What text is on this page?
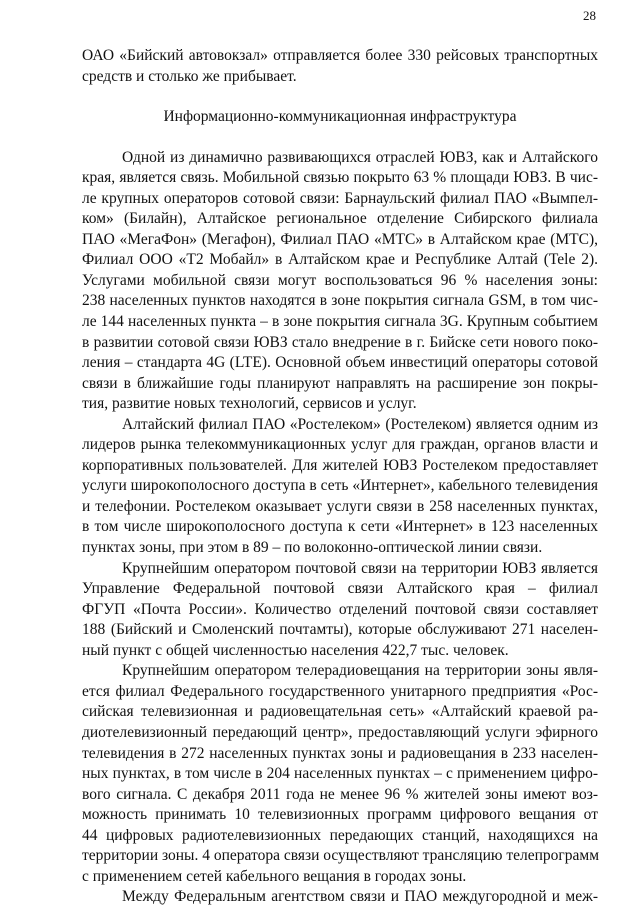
28
ОАО «Бийский автовокзал» отправляется более 330 рейсовых транспортных
средств и столько же прибывает.
Информационно-коммуникационная инфраструктура
Одной из динамично развивающихся отраслей ЮВЗ, как и Алтайского
края, является связь. Мобильной связью покрыто 63 % площади ЮВЗ. В чис-
ле крупных операторов сотовой связи: Барнаульский филиал ПАО «Вымпел-
ком» (Билайн), Алтайское региональное отделение Сибирского филиала
ПАО «МегаФон» (Мегафон), Филиал ПАО «МТС» в Алтайском крае (МТС),
Филиал ООО «Т2 Мобайл» в Алтайском крае и Республике Алтай (Tele 2).
Услугами мобильной связи могут воспользоваться 96 % населения зоны:
238 населенных пунктов находятся в зоне покрытия сигнала GSM, в том чис-
ле 144 населенных пункта – в зоне покрытия сигнала 3G. Крупным событием
в развитии сотовой связи ЮВЗ стало внедрение в г. Бийске сети нового поко-
ления – стандарта 4G (LTE). Основной объем инвестиций операторы сотовой
связи в ближайшие годы планируют направлять на расширение зон покры-
тия, развитие новых технологий, сервисов и услуг.
Алтайский филиал ПАО «Ростелеком» (Ростелеком) является одним из
лидеров рынка телекоммуникационных услуг для граждан, органов власти и
корпоративных пользователей. Для жителей ЮВЗ Ростелеком предоставляет
услуги широкополосного доступа в сеть «Интернет», кабельного телевидения
и телефонии. Ростелеком оказывает услуги связи в 258 населенных пунктах,
в том числе широкополосного доступа к сети «Интернет» в 123 населенных
пунктах зоны, при этом в 89 – по волоконно-оптической линии связи.
Крупнейшим оператором почтовой связи на территории ЮВЗ является
Управление Федеральной почтовой связи Алтайского края – филиал
ФГУП «Почта России». Количество отделений почтовой связи составляет
188 (Бийский и Смоленский почтамты), которые обслуживают 271 населен-
ный пункт с общей численностью населения 422,7 тыс. человек.
Крупнейшим оператором телерадиовещания на территории зоны явля-
ется филиал Федерального государственного унитарного предприятия «Рос-
сийская телевизионная и радиовещательная сеть» «Алтайский краевой ра-
диотелевизионный передающий центр», предоставляющий услуги эфирного
телевидения в 272 населенных пунктах зоны и радиовещания в 233 населен-
ных пунктах, в том числе в 204 населенных пунктах – с применением цифро-
вого сигнала. С декабря 2011 года не менее 96 % жителей зоны имеют воз-
можность принимать 10 телевизионных программ цифрового вещания от
44 цифровых радиотелевизионных передающих станций, находящихся на
территории зоны. 4 оператора связи осуществляют трансляцию телепрограмм
с применением сетей кабельного вещания в городах зоны.
Между Федеральным агентством связи и ПАО междугородной и меж-
